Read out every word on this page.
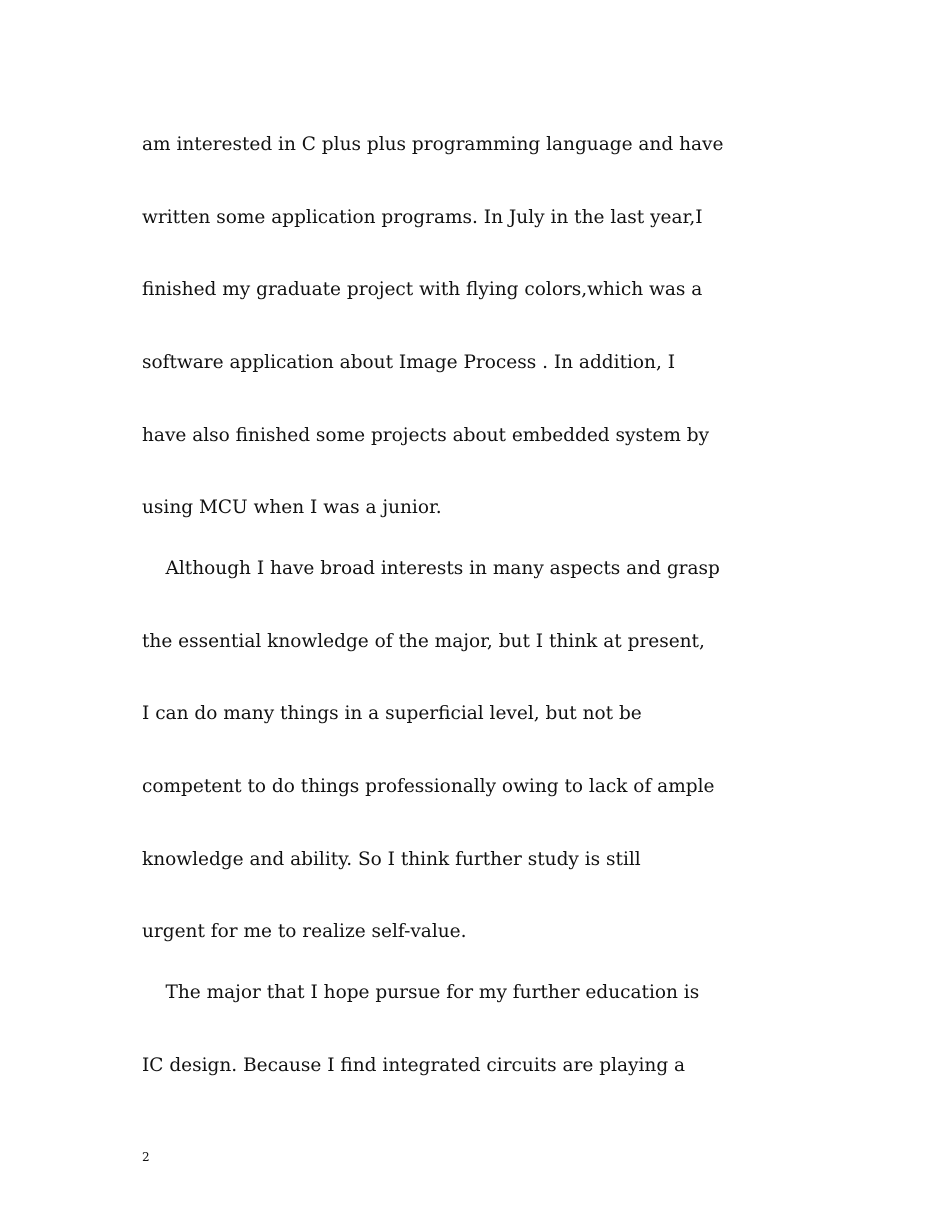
am interested in C plus plus programming language and have
written some application programs. In July in the last year,I
finished my graduate project with flying colors,which was a
software application about Image Process . In addition, I
have also finished some projects about embedded system by
using MCU when I was a junior.
Although I have broad interests in many aspects and grasp
the essential knowledge of the major, but I think at present,
I can do many things in a superficial level, but not be
competent to do things professionally owing to lack of ample
knowledge and ability. So I think further study is still
urgent for me to realize self-value.
The major that I hope pursue for my further education is
IC design. Because I find integrated circuits are playing a
2
